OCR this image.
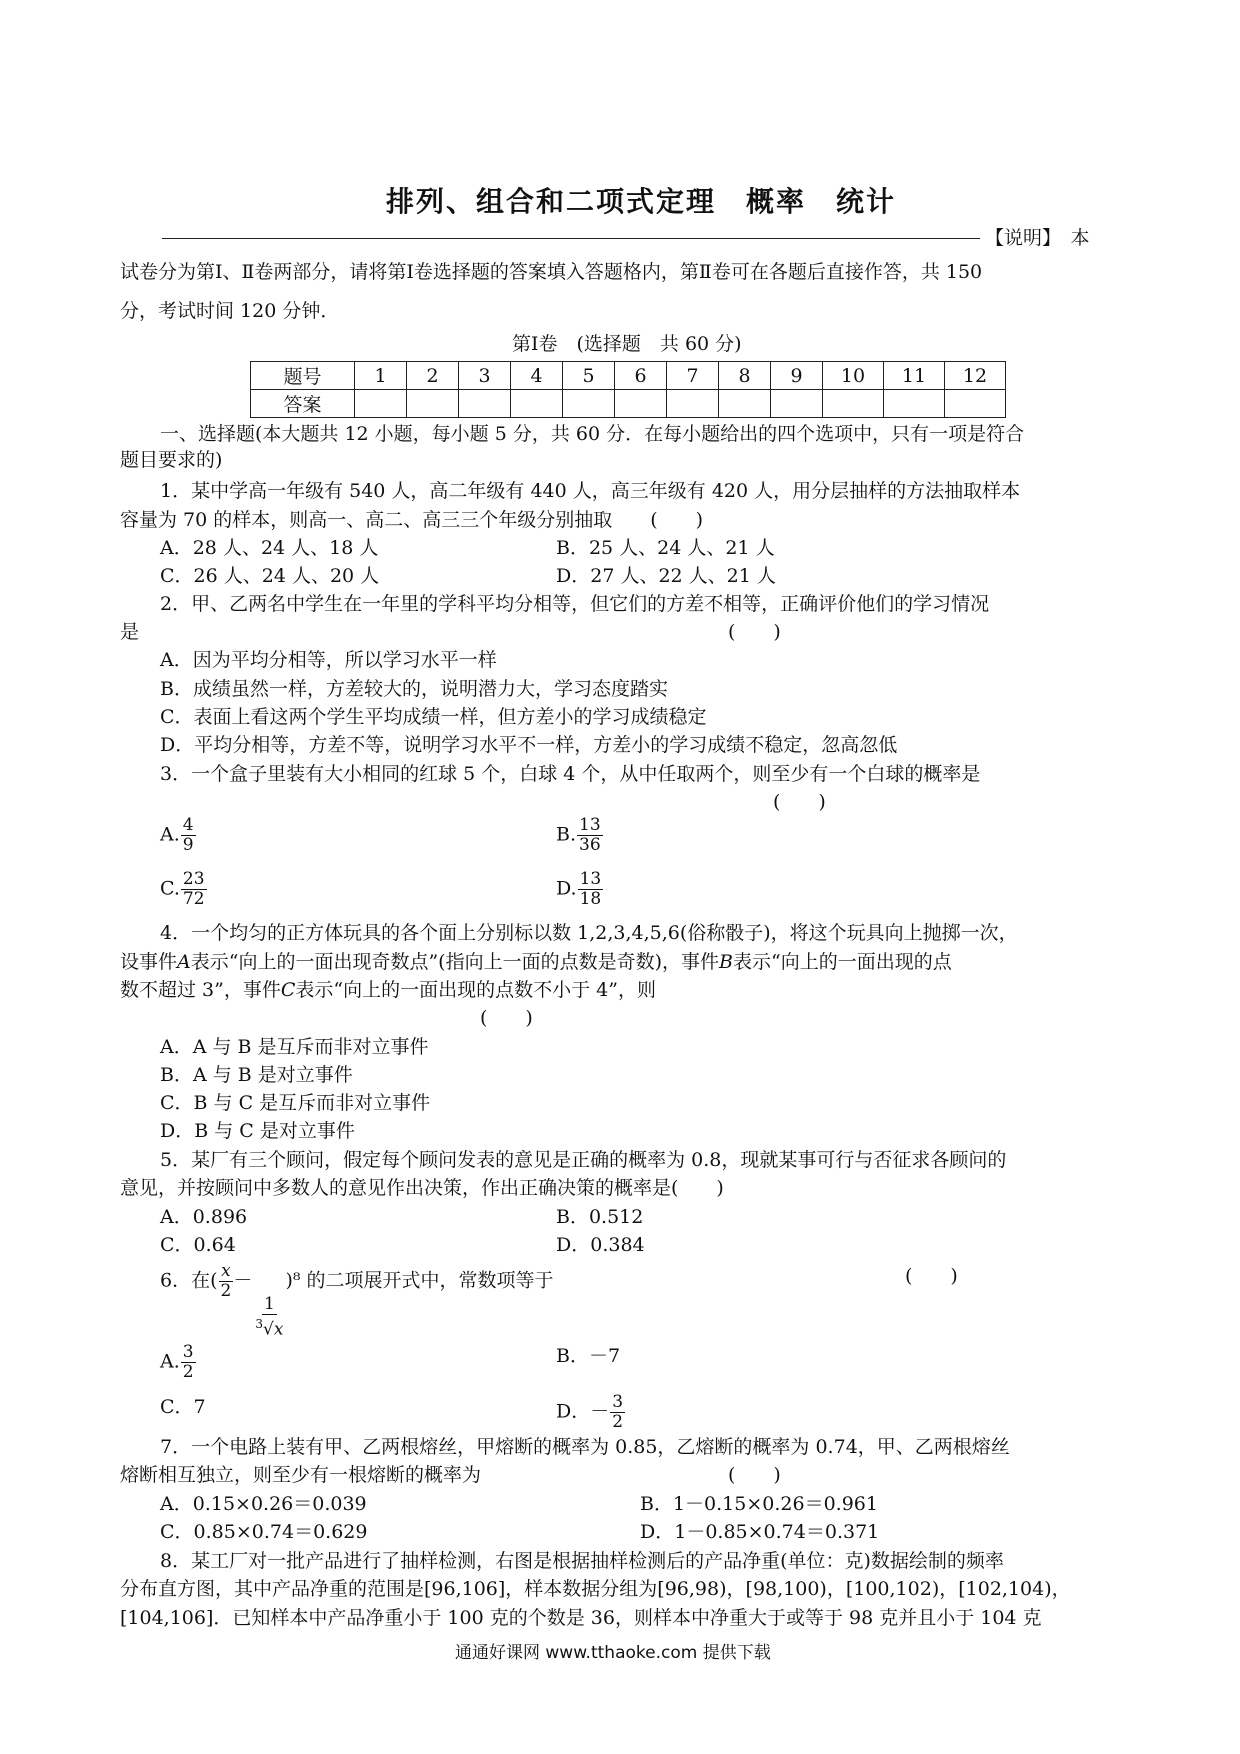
排列、组合和二项式定理　概率　统计
【说明】　本
试卷分为第Ⅰ、Ⅱ卷两部分，请将第Ⅰ卷选择题的答案填入答题格内，第Ⅱ卷可在各题后直接作答，共 150
分，考试时间 120 分钟．
第Ⅰ卷　(选择题　共 60 分)
题号	1	2	3	4	5	6	7	8	9	10	11	12
答案												
一、选择题(本大题共 12 小题，每小题 5 分，共 60 分．在每小题给出的四个选项中，只有一项是符合
题目要求的)
1．某中学高一年级有 540 人，高二年级有 440 人，高三年级有 420 人，用分层抽样的方法抽取样本
容量为 70 的样本，则高一、高二、高三三个年级分别抽取　　(　　)
A．28 人、24 人、18 人	B．25 人、24 人、21 人
C．26 人、24 人、20 人	D．27 人、22 人、21 人
2．甲、乙两名中学生在一年里的学科平均分相等，但它们的方差不相等，正确评价他们的学习情况
是	(　　)
A．因为平均分相等，所以学习水平一样
B．成绩虽然一样，方差较大的，说明潜力大，学习态度踏实
C．表面上看这两个学生平均成绩一样，但方差小的学习成绩稳定
D．平均分相等，方差不等，说明学习水平不一样，方差小的学习成绩不稳定，忽高忽低
3．一个盒子里装有大小相同的红球 5 个，白球 4 个，从中任取两个，则至少有一个白球的概率是
(　　)
A. $\frac{4}{9}$	B. $\frac{13}{36}$
C. $\frac{23}{72}$	D. $\frac{13}{18}$
4．一个均匀的正方体玩具的各个面上分别标以数 1,2,3,4,5,6(俗称骰子)，将这个玩具向上抛掷一次，
设事件A表示“向上的一面出现奇数点”(指向上一面的点数是奇数)，事件B表示“向上的一面出现的点
数不超过 3”，事件C表示“向上的一面出现的点数不小于 4”，则
(　　)
A．A 与 B 是互斥而非对立事件
B．A 与 B 是对立事件
C．B 与 C 是互斥而非对立事件
D．B 与 C 是对立事件
5．某厂有三个顾问，假定每个顾问发表的意见是正确的概率为 0.8，现就某事可行与否征求各顾问的
意见，并按顾问中多数人的意见作出决策，作出正确决策的概率是(　　)
A．0.896	B．0.512
C．0.64	D．0.384
6．在( $\frac{x}{2}$ －
$\frac{1}{^3√x}$
)⁸ 的二项展开式中，常数项等于	(　　)
A. $\frac{3}{2}$	B．－7
C．7	D．－ $\frac{3}{2}$
7．一个电路上装有甲、乙两根熔丝，甲熔断的概率为 0.85，乙熔断的概率为 0.74，甲、乙两根熔丝
熔断相互独立，则至少有一根熔断的概率为	(　　)
A．0.15×0.26＝0.039	B．1－0.15×0.26＝0.961
C．0.85×0.74＝0.629	D．1－0.85×0.74＝0.371
8．某工厂对一批产品进行了抽样检测，右图是根据抽样检测后的产品净重(单位：克)数据绘制的频率
分布直方图，其中产品净重的范围是[96,106]，样本数据分组为[96,98)，[98,100)，[100,102)，[102,104)，
[104,106]．已知样本中产品净重小于 100 克的个数是 36，则样本中净重大于或等于 98 克并且小于 104 克
通通好课网 www.tthaoke.com 提供下载
